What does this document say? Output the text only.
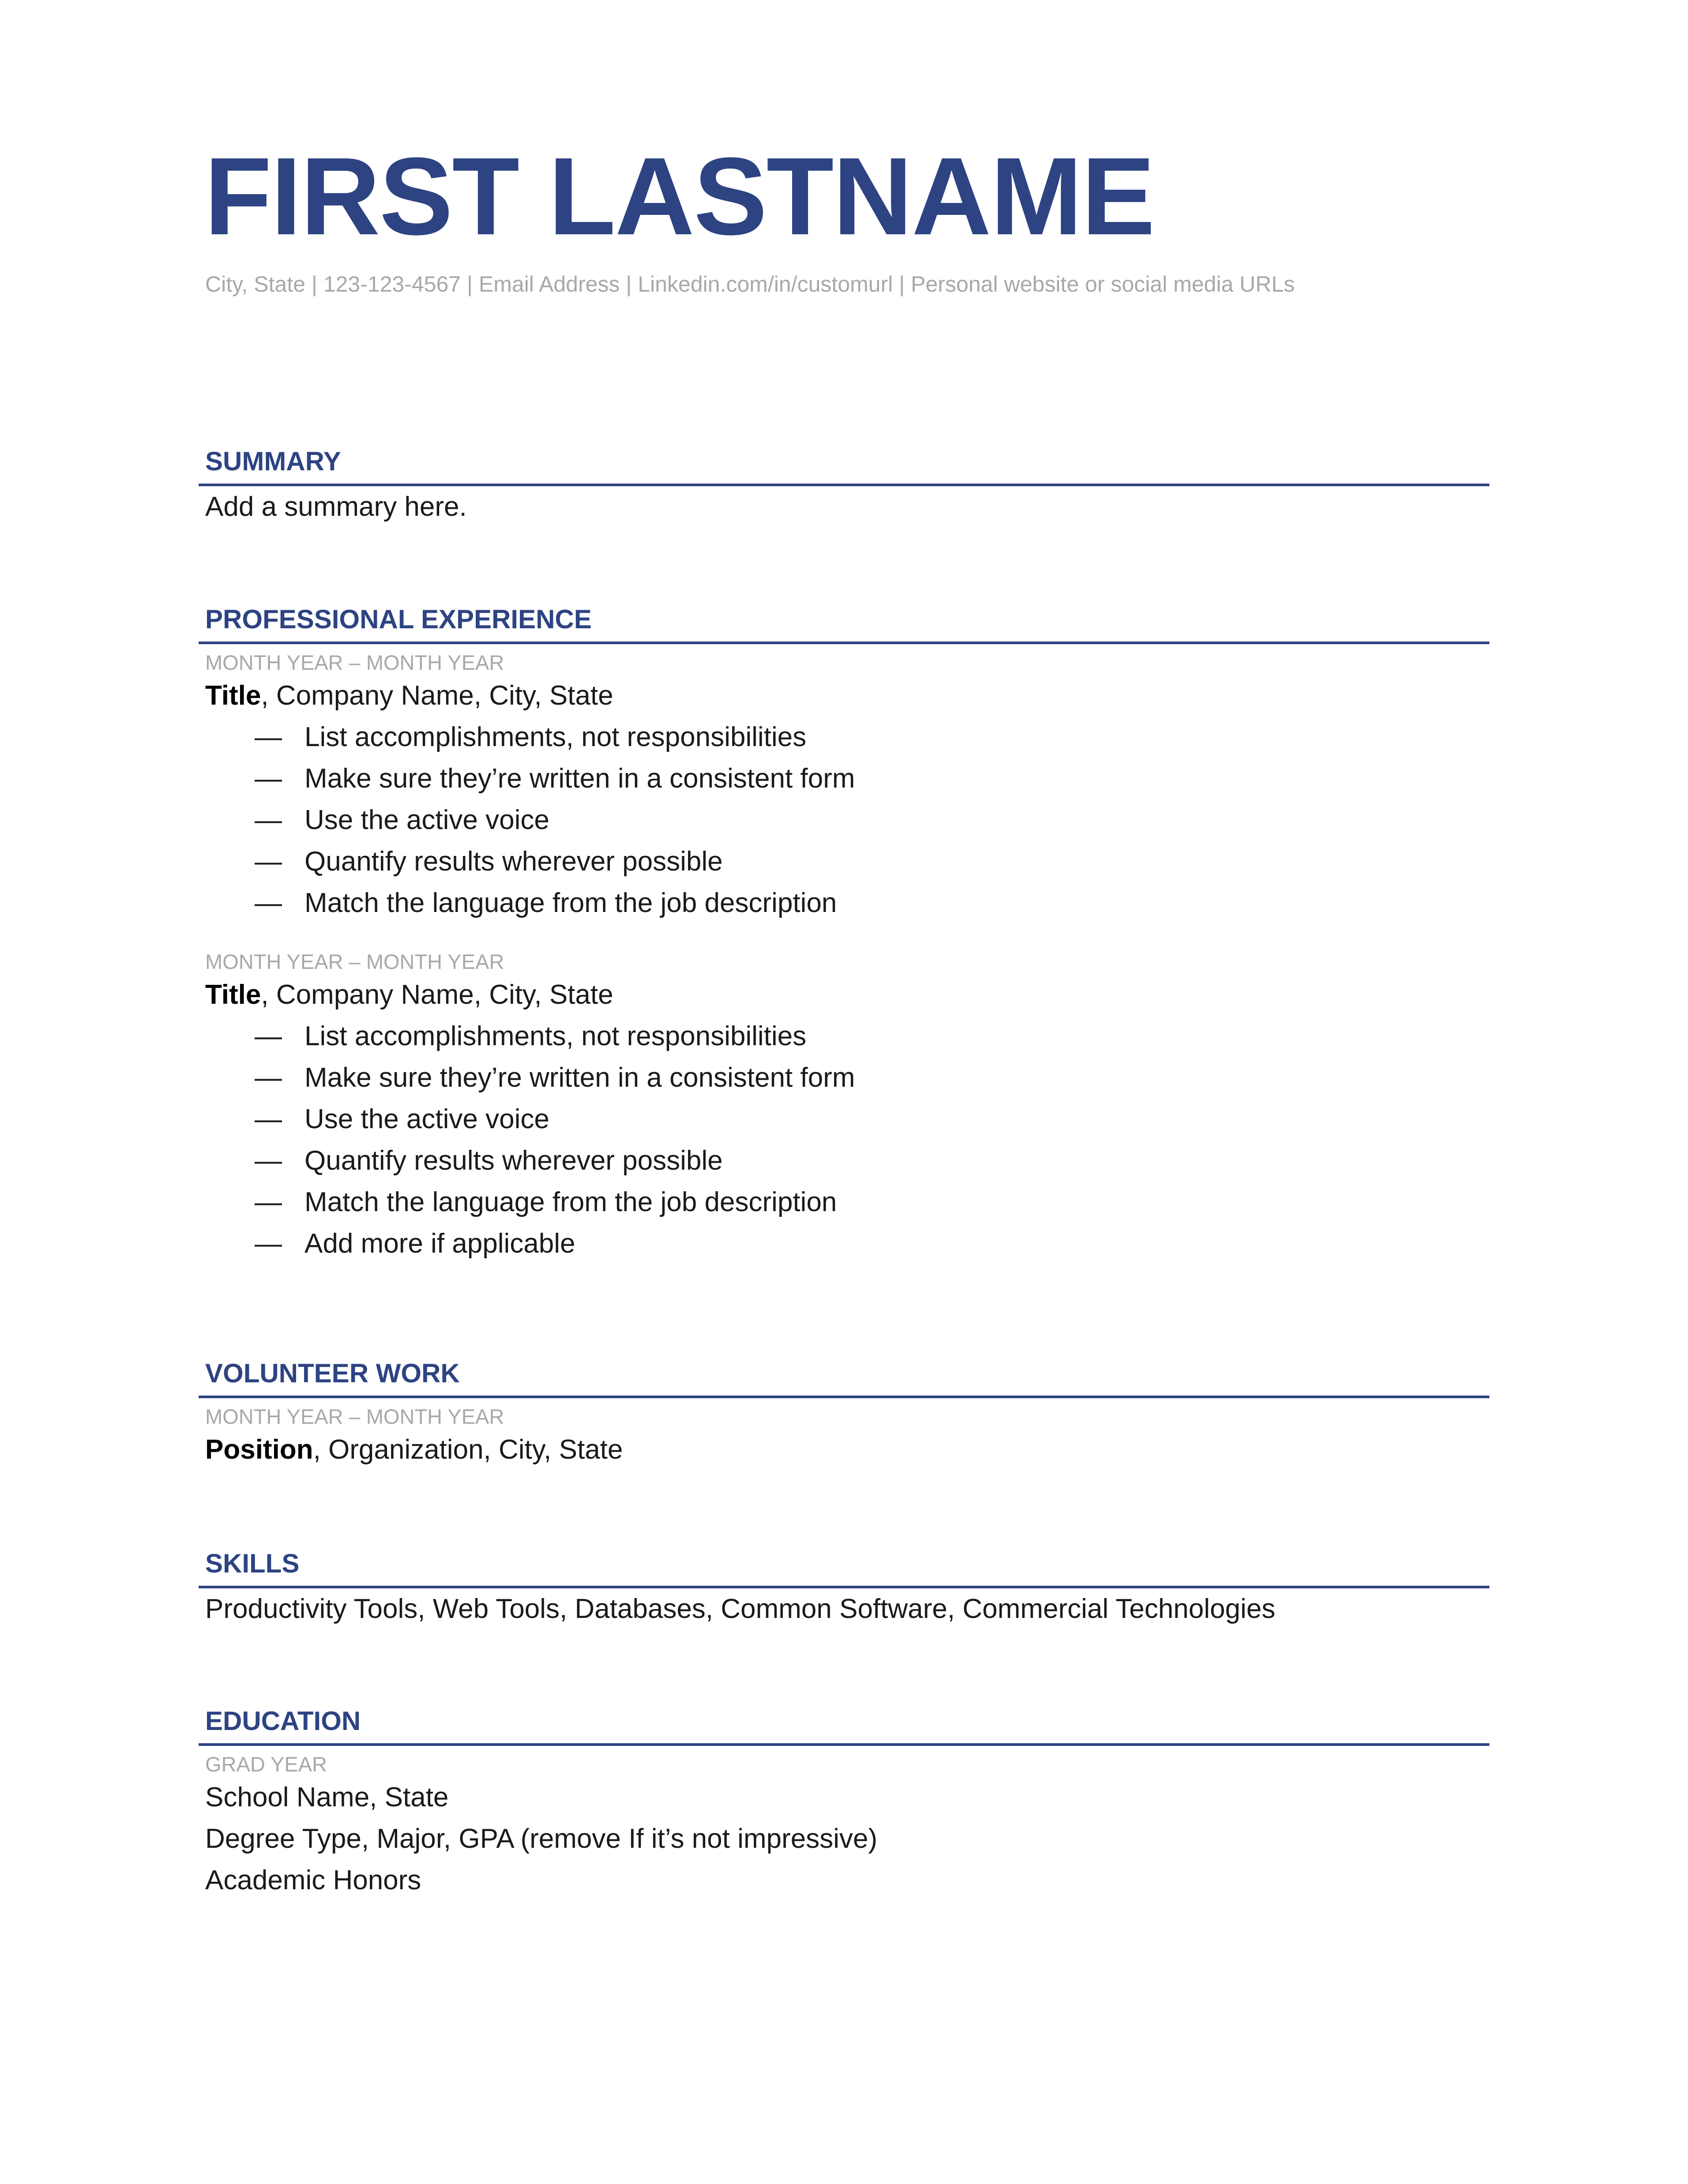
FIRST LASTNAME
City, State | 123-123-4567 | Email Address | Linkedin.com/in/customurl | Personal website or social media URLs
SUMMARY
Add a summary here.
PROFESSIONAL EXPERIENCE
MONTH YEAR – MONTH YEAR
Title, Company Name, City, State
— List accomplishments, not responsibilities
— Make sure they’re written in a consistent form
— Use the active voice
— Quantify results wherever possible
— Match the language from the job description
MONTH YEAR – MONTH YEAR
Title, Company Name, City, State
— List accomplishments, not responsibilities
— Make sure they’re written in a consistent form
— Use the active voice
— Quantify results wherever possible
— Match the language from the job description
— Add more if applicable
VOLUNTEER WORK
MONTH YEAR – MONTH YEAR
Position, Organization, City, State
SKILLS
Productivity Tools, Web Tools, Databases, Common Software, Commercial Technologies
EDUCATION
GRAD YEAR
School Name, State
Degree Type, Major, GPA (remove If it’s not impressive)
Academic Honors
